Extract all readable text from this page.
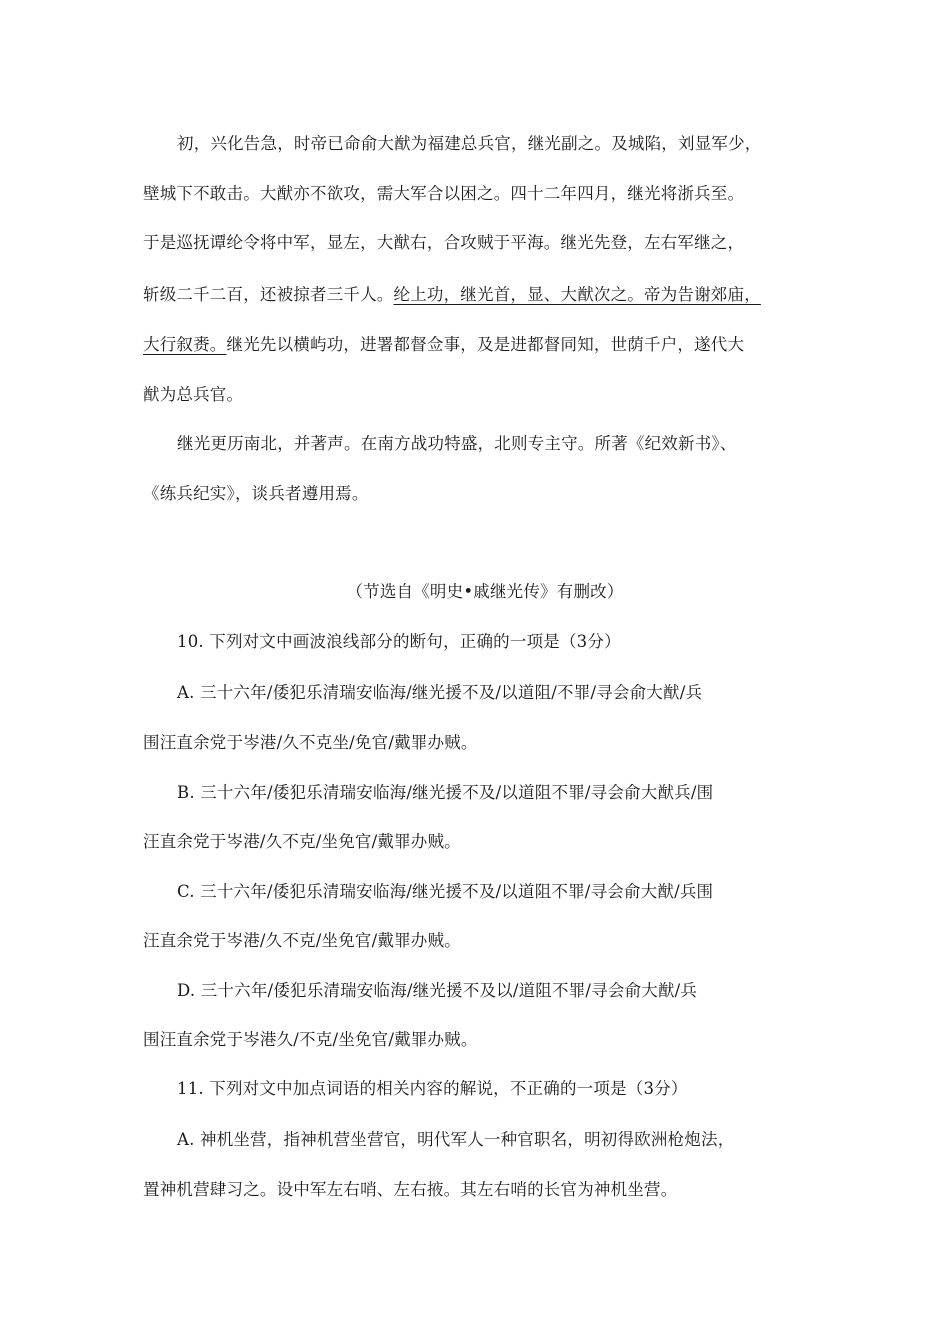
初，兴化告急，时帝已命俞大猷为福建总兵官，继光副之。及城陷，刘显军少，
壁城下不敢击。大猷亦不欲攻，需大军合以困之。四十二年四月，继光将浙兵至。
于是巡抚谭纶令将中军，显左，大猷右，合攻贼于平海。继光先登，左右军继之，
斩级二千二百，还被掠者三千人。纶上功，继光首，显、大猷次之。帝为告谢郊庙，
大行叙赉。继光先以横屿功，进署都督佥事，及是进都督同知，世荫千户，遂代大
猷为总兵官。
继光更历南北，并著声。在南方战功特盛，北则专主守。所著《纪效新书》、
《练兵纪实》，谈兵者遵用焉。
（节选自《明史•戚继光传》有删改）
10. 下列对文中画波浪线部分的断句，正确的一项是（3分）
A. 三十六年/倭犯乐清瑞安临海/继光援不及/以道阻/不罪/寻会俞大猷/兵
围汪直余党于岑港/久不克坐/免官/戴罪办贼。
B. 三十六年/倭犯乐清瑞安临海/继光援不及/以道阻不罪/寻会俞大猷兵/围
汪直余党于岑港/久不克/坐免官/戴罪办贼。
C. 三十六年/倭犯乐清瑞安临海/继光援不及/以道阻不罪/寻会俞大猷/兵围
汪直余党于岑港/久不克/坐免官/戴罪办贼。
D. 三十六年/倭犯乐清瑞安临海/继光援不及以/道阻不罪/寻会俞大猷/兵
围汪直余党于岑港久/不克/坐免官/戴罪办贼。
11. 下列对文中加点词语的相关内容的解说，不正确的一项是（3分）
A. 神机坐营，指神机营坐营官，明代军人一种官职名，明初得欧洲枪炮法，
置神机营肆习之。设中军左右哨、左右掖。其左右哨的长官为神机坐营。
